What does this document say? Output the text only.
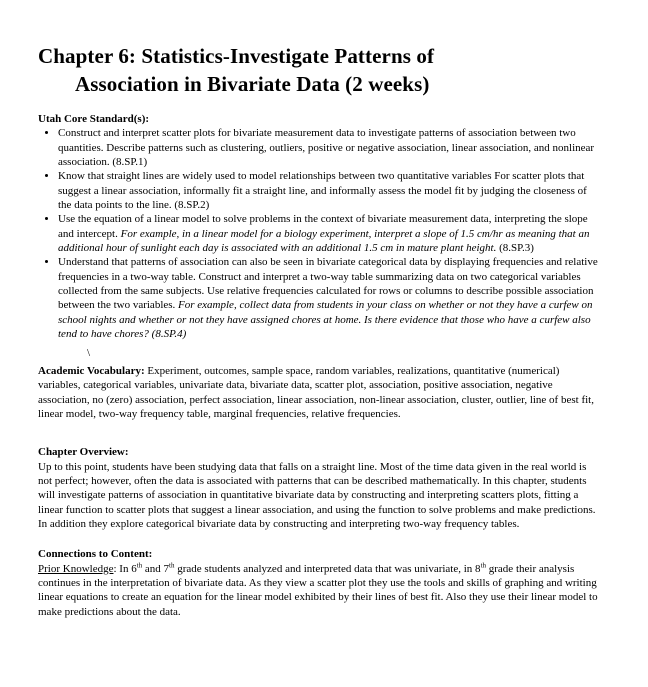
Chapter 6: Statistics-Investigate Patterns of
Association in Bivariate Data (2 weeks)
Utah Core Standard(s):
• Construct and interpret scatter plots for bivariate measurement data to investigate patterns of association between two quantities. Describe patterns such as clustering, outliers, positive or negative association, linear association, and nonlinear association. (8.SP.1)
• Know that straight lines are widely used to model relationships between two quantitative variables For scatter plots that suggest a linear association, informally fit a straight line, and informally assess the model fit by judging the closeness of the data points to the line. (8.SP.2)
• Use the equation of a linear model to solve problems in the context of bivariate measurement data, interpreting the slope and intercept. For example, in a linear model for a biology experiment, interpret a slope of 1.5 cm/hr as meaning that an additional hour of sunlight each day is associated with an additional 1.5 cm in mature plant height. (8.SP.3)
• Understand that patterns of association can also be seen in bivariate categorical data by displaying frequencies and relative frequencies in a two-way table. Construct and interpret a two-way table summarizing data on two categorical variables collected from the same subjects. Use relative frequencies calculated for rows or columns to describe possible association between the two variables. For example, collect data from students in your class on whether or not they have a curfew on school nights and whether or not they have assigned chores at home. Is there evidence that those who have a curfew also tend to have chores? (8.SP.4)
\

Academic Vocabulary: Experiment, outcomes, sample space, random variables, realizations, quantitative (numerical) variables, categorical variables, univariate data, bivariate data, scatter plot, association, positive association, negative association, no (zero) association, perfect association, linear association, non-linear association, cluster, outlier, line of best fit, linear model, two-way frequency table, marginal frequencies, relative frequencies.

Chapter Overview:

Up to this point, students have been studying data that falls on a straight line. Most of the time data given in the real world is not perfect; however, often the data is associated with patterns that can be described mathematically. In this chapter, students will investigate patterns of association in quantitative bivariate data by constructing and interpreting scatters plots, fitting a linear function to scatter plots that suggest a linear association, and using the function to solve problems and make predictions. In addition they explore categorical bivariate data by constructing and interpreting two-way frequency tables.

Connections to Content:

Prior Knowledge: In 6th and 7th grade students analyzed and interpreted data that was univariate, in 8th grade their analysis continues in the interpretation of bivariate data. As they view a scatter plot they use the tools and skills of graphing and writing linear equations to create an equation for the linear model exhibited by their lines of best fit. Also they use their linear model to make predictions about the data.
